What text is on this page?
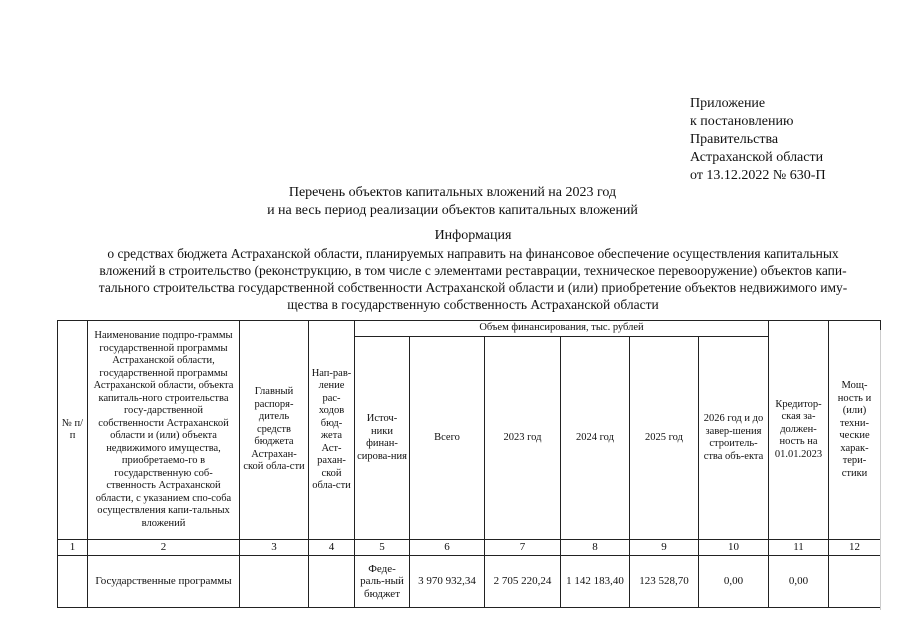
Приложение
к постановлению
Правительства
Астраханской области
от 13.12.2022 № 630-П
Перечень объектов капитальных вложений на 2023 год
и на весь период реализации объектов капитальных вложений
Информация
о средствах бюджета Астраханской области, планируемых направить на финансовое обеспечение осуществления капитальных
вложений в строительство (реконструкцию, в том числе с элементами реставрации, техническое перевооружение) объектов капи-
тального строительства государственной собственности Астраханской области и (или) приобретение объектов недвижимого иму-
щества в государственную собственность Астраханской области
№ п/п	Наименование подпро-граммы государственной программы Астраханской области, государственной программы Астраханской области, объекта капиталь-ного строительства госу-дарственной собственности Астраханской области и (или) объекта недвижимого имущества, приобретаемо-го в государственную соб-ственность Астраханской области, с указанием спо-соба осуществления капи-тальных вложений	Главный распоря-дитель средств бюджета Астрахан-ской обла-сти	Нап-рав-ление рас-ходов бюд-жета Аст-рахан-ской обла-сти	Объем финансирования, тыс. рублей						Кредитор-ская за-должен-ность на 01.01.2023	Мощ-ность и (или) техни-ческие харак-тери-стики
				Источ-ники финан-сирова-ния	Всего	2023 год	2024 год	2025 год	2026 год и до завер-шения строитель-ства объ-екта		
1	2	3	4	5	6	7	8	9	10	11	12
	Государственные программы			Феде-раль-ный бюджет	3 970 932,34	2 705 220,24	1 142 183,40	123 528,70	0,00	0,00	
